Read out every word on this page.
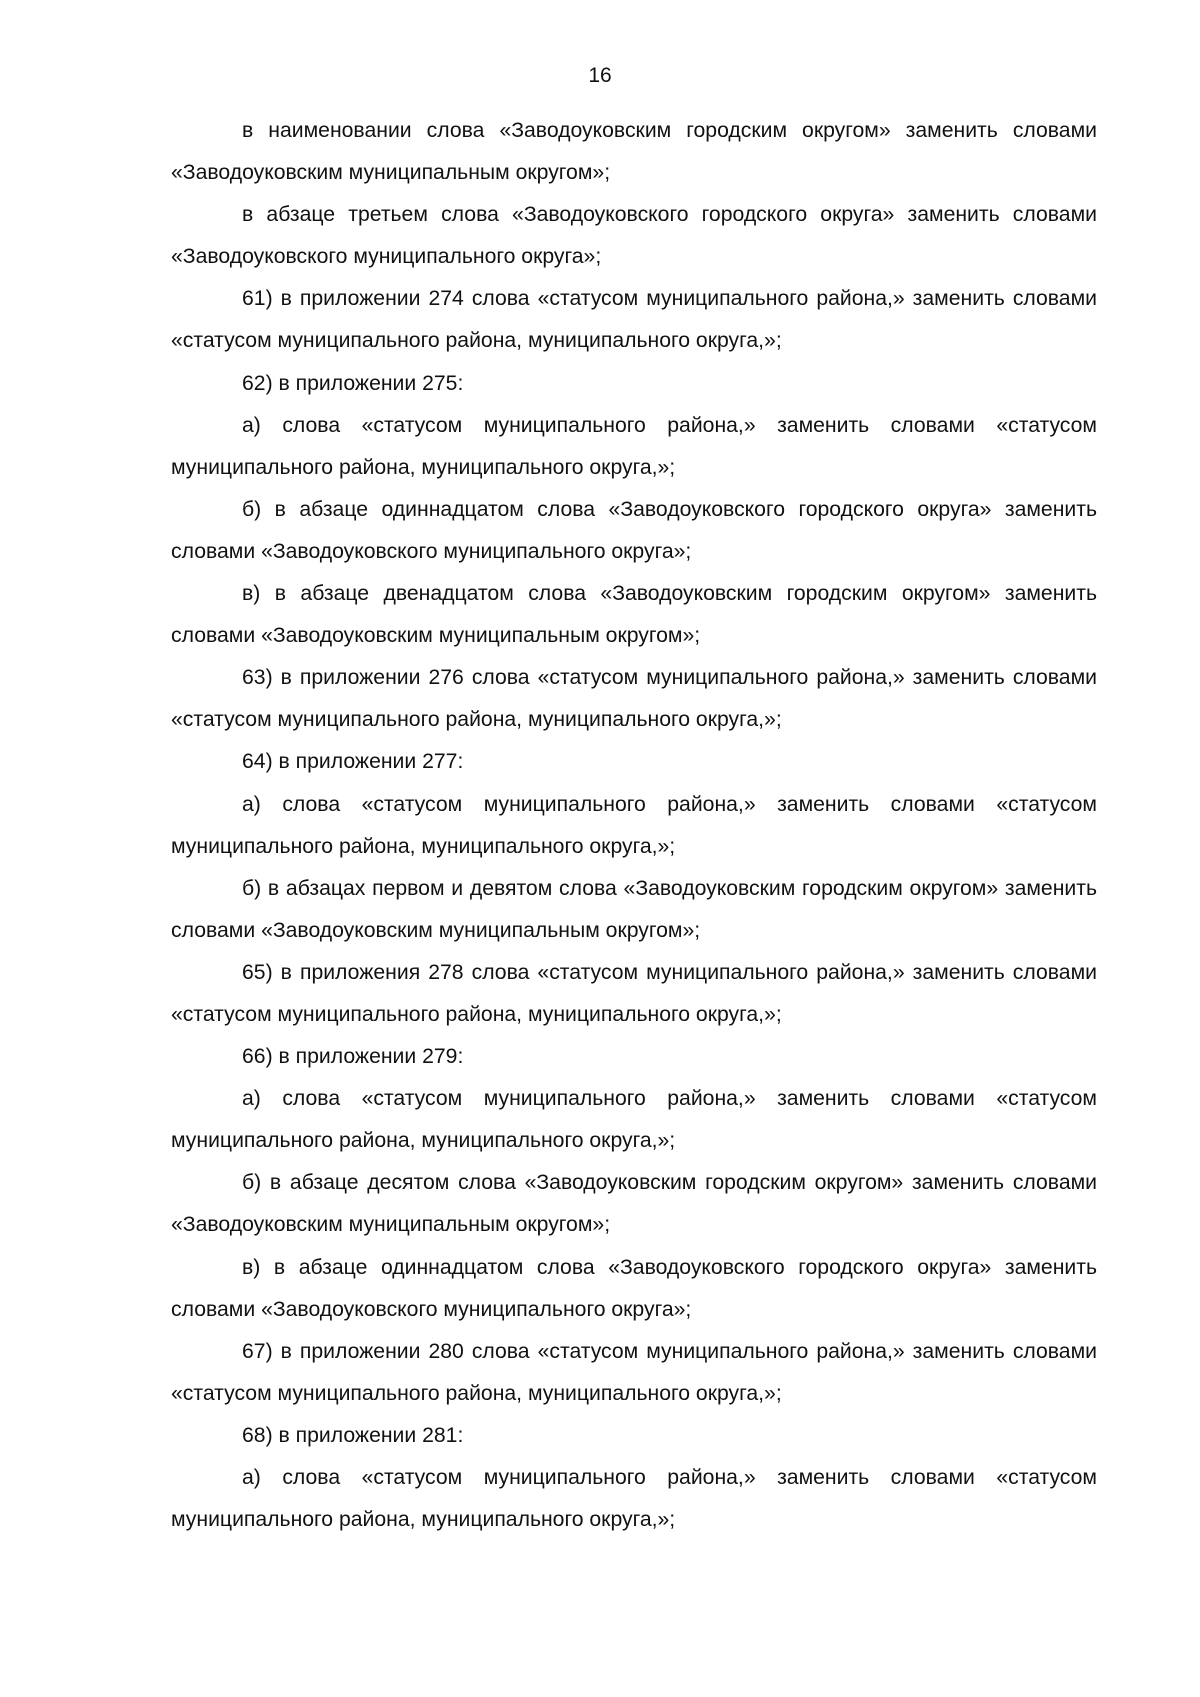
16

в наименовании слова «Заводоуковским городским округом» заменить словами «Заводоуковским муниципальным округом»;

в абзаце третьем слова «Заводоуковского городского округа» заменить словами «Заводоуковского муниципального округа»;

61) в приложении 274 слова «статусом муниципального района,» заменить словами «статусом муниципального района, муниципального округа,»;

62) в приложении 275:

а) слова «статусом муниципального района,» заменить словами «статусом муниципального района, муниципального округа,»;

б) в абзаце одиннадцатом слова «Заводоуковского городского округа» заменить словами «Заводоуковского муниципального округа»;

в) в абзаце двенадцатом слова «Заводоуковским городским округом» заменить словами «Заводоуковским муниципальным округом»;

63) в приложении 276 слова «статусом муниципального района,» заменить словами «статусом муниципального района, муниципального округа,»;

64) в приложении 277:

а) слова «статусом муниципального района,» заменить словами «статусом муниципального района, муниципального округа,»;

б) в абзацах первом и девятом слова «Заводоуковским городским округом» заменить словами «Заводоуковским муниципальным округом»;

65) в приложения 278 слова «статусом муниципального района,» заменить словами «статусом муниципального района, муниципального округа,»;

66) в приложении 279:

а) слова «статусом муниципального района,» заменить словами «статусом муниципального района, муниципального округа,»;

б) в абзаце десятом слова «Заводоуковским городским округом» заменить словами «Заводоуковским муниципальным округом»;

в) в абзаце одиннадцатом слова «Заводоуковского городского округа» заменить словами «Заводоуковского муниципального округа»;

67) в приложении 280 слова «статусом муниципального района,» заменить словами «статусом муниципального района, муниципального округа,»;

68) в приложении 281:

а) слова «статусом муниципального района,» заменить словами «статусом муниципального района, муниципального округа,»;
